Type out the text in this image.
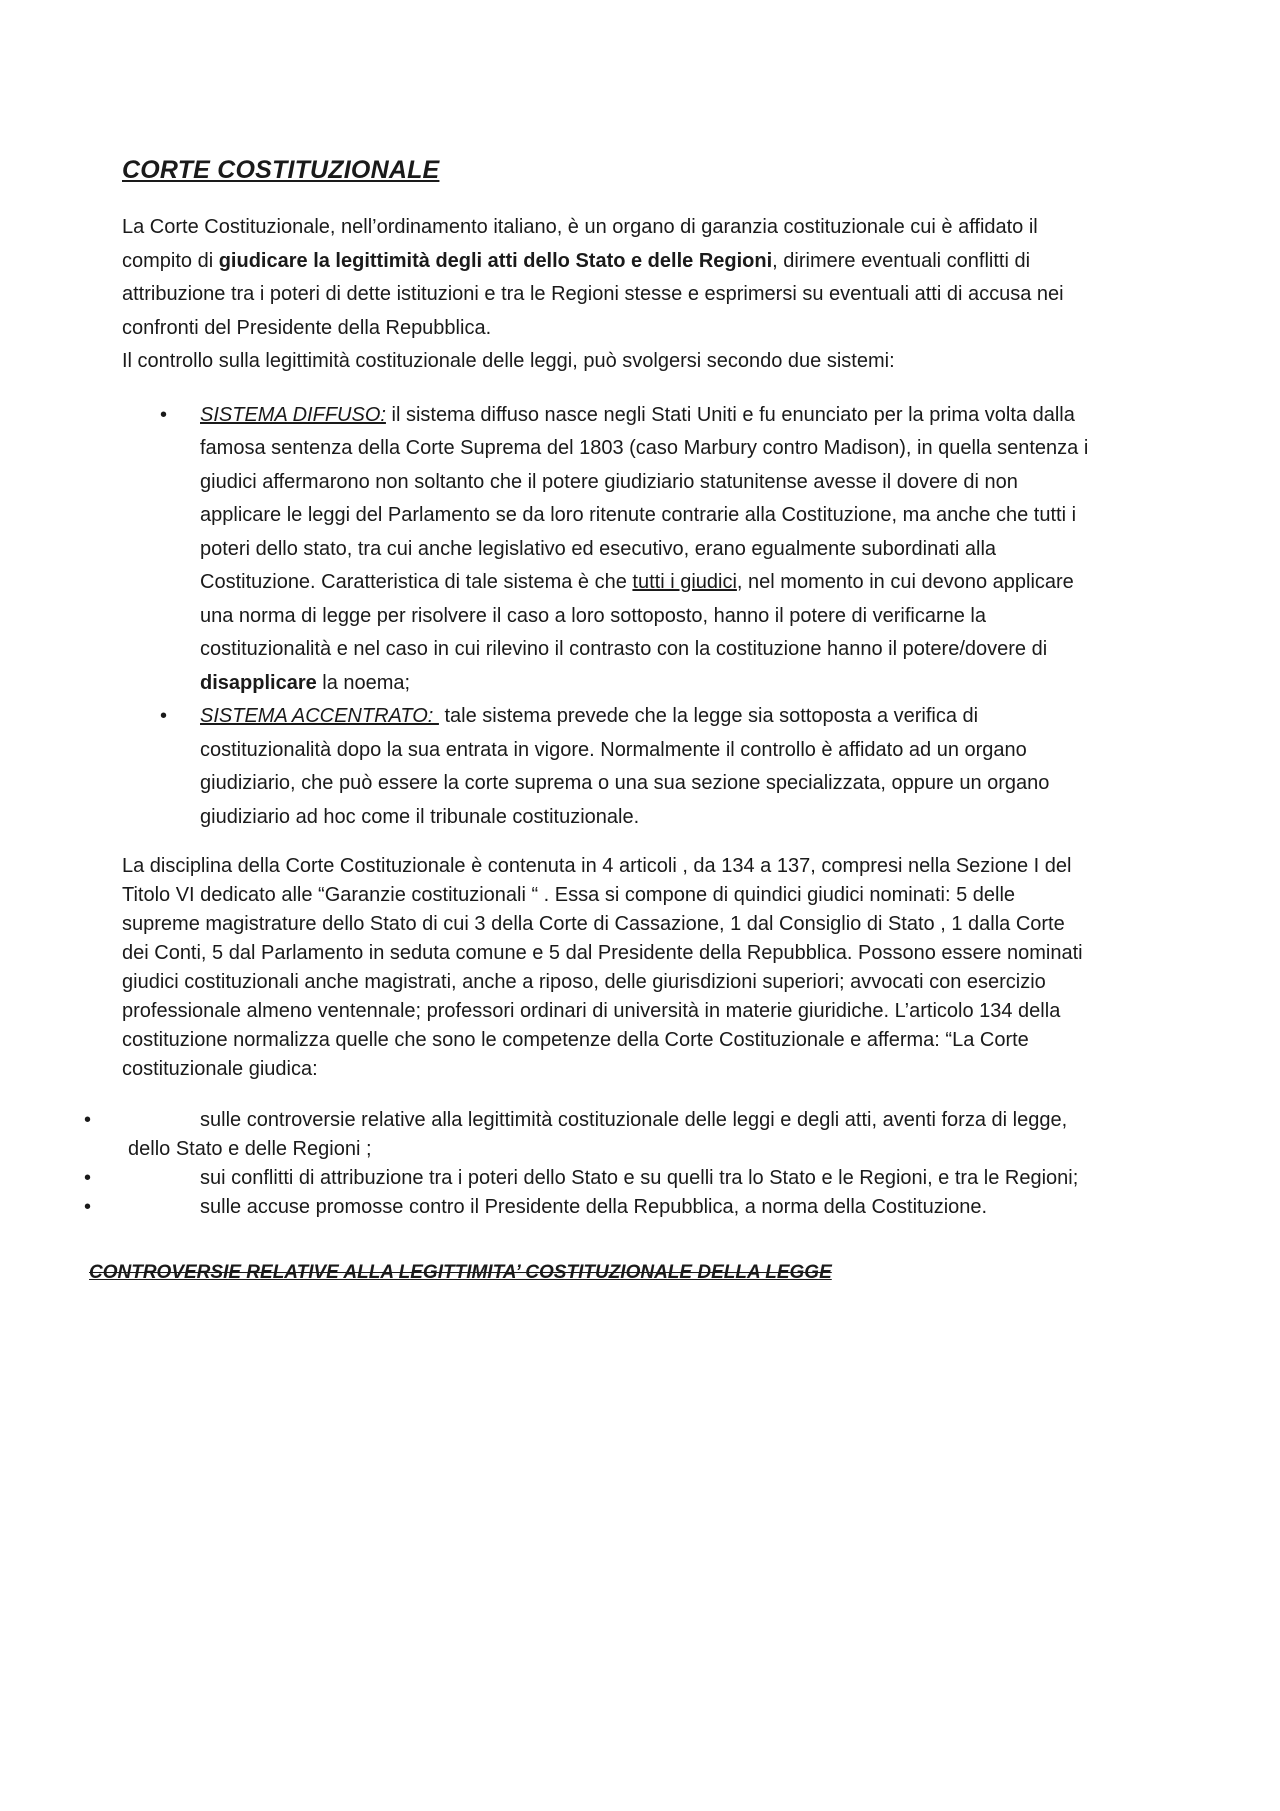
CORTE COSTITUZIONALE
La Corte Costituzionale, nell’ordinamento italiano, è un organo di garanzia costituzionale cui è affidato il
compito di giudicare la legittimità degli atti dello Stato e delle Regioni, dirimere eventuali conflitti di
attribuzione tra i poteri di dette istituzioni e tra le Regioni stesse e esprimersi su eventuali atti di accusa nei
confronti del Presidente della Repubblica.
Il controllo sulla legittimità costituzionale delle leggi, può svolgersi secondo due sistemi:
• SISTEMA DIFFUSO: il sistema diffuso nasce negli Stati Uniti e fu enunciato per la prima volta dalla
famosa sentenza della Corte Suprema del 1803 (caso Marbury contro Madison), in quella sentenza i
giudici affermarono non soltanto che il potere giudiziario statunitense avesse il dovere di non
applicare le leggi del Parlamento se da loro ritenute contrarie alla Costituzione, ma anche che tutti i
poteri dello stato, tra cui anche legislativo ed esecutivo, erano egualmente subordinati alla
Costituzione. Caratteristica di tale sistema è che tutti i giudici, nel momento in cui devono applicare
una norma di legge per risolvere il caso a loro sottoposto, hanno il potere di verificarne la
costituzionalità e nel caso in cui rilevino il contrasto con la costituzione hanno il potere/dovere di
disapplicare la noema;
• SISTEMA ACCENTRATO:  tale sistema prevede che la legge sia sottoposta a verifica di
costituzionalità dopo la sua entrata in vigore. Normalmente il controllo è affidato ad un organo
giudiziario, che può essere la corte suprema o una sua sezione specializzata, oppure un organo
giudiziario ad hoc come il tribunale costituzionale.
La disciplina della Corte Costituzionale è contenuta in 4 articoli , da 134 a 137, compresi nella Sezione I del
Titolo VI dedicato alle “Garanzie costituzionali “ . Essa si compone di quindici giudici nominati: 5 delle
supreme magistrature dello Stato di cui 3 della Corte di Cassazione, 1 dal Consiglio di Stato , 1 dalla Corte
dei Conti, 5 dal Parlamento in seduta comune e 5 dal Presidente della Repubblica. Possono essere nominati
giudici costituzionali anche magistrati, anche a riposo, delle giurisdizioni superiori; avvocati con esercizio
professionale almeno ventennale; professori ordinari di università in materie giuridiche. L’articolo 134 della
costituzione normalizza quelle che sono le competenze della Corte Costituzionale e afferma: “La Corte
costituzionale giudica:
•	sulle controversie relative alla legittimità costituzionale delle leggi e degli atti, aventi forza di legge,
dello Stato e delle Regioni ;
•	sui conflitti di attribuzione tra i poteri dello Stato e su quelli tra lo Stato e le Regioni, e tra le Regioni;
•	sulle accuse promosse contro il Presidente della Repubblica, a norma della Costituzione.
CONTROVERSIE RELATIVE ALLA LEGITTIMITA’ COSTITUZIONALE DELLA LEGGE
